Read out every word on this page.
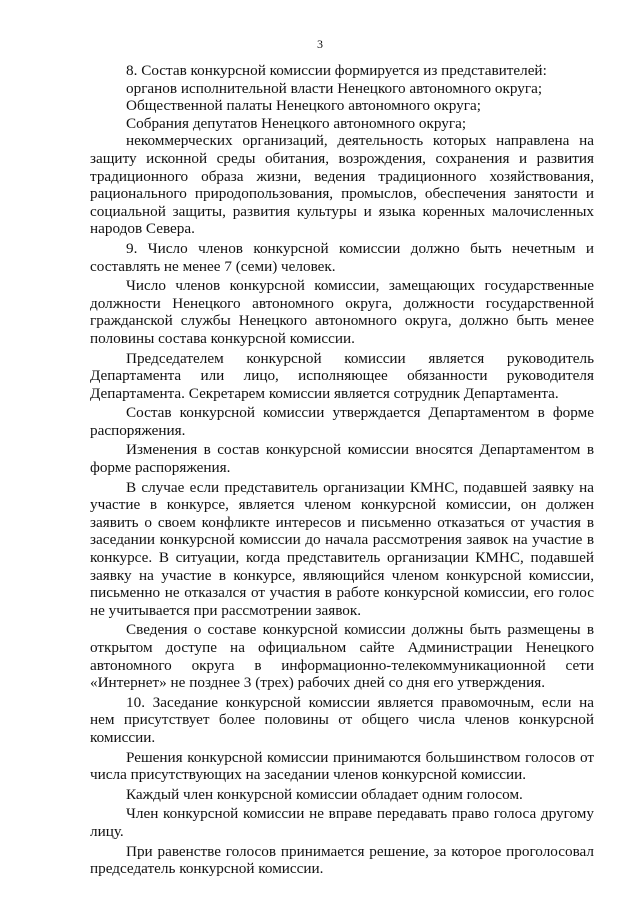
3

8. Состав конкурсной комиссии формируется из представителей:

органов исполнительной власти Ненецкого автономного округа;

Общественной палаты Ненецкого автономного округа;

Собрания депутатов Ненецкого автономного округа;

некоммерческих организаций, деятельность которых направлена на защиту исконной среды обитания, возрождения, сохранения и развития традиционного образа жизни, ведения традиционного хозяйствования, рационального природопользования, промыслов, обеспечения занятости и социальной защиты, развития культуры и языка коренных малочисленных народов Севера.

9. Число членов конкурсной комиссии должно быть нечетным и составлять не менее 7 (семи) человек.

Число членов конкурсной комиссии, замещающих государственные должности Ненецкого автономного округа, должности государственной гражданской службы Ненецкого автономного округа, должно быть менее половины состава конкурсной комиссии.

Председателем конкурсной комиссии является руководитель Департамента или лицо, исполняющее обязанности руководителя Департамента. Секретарем комиссии является сотрудник Департамента.

Состав конкурсной комиссии утверждается Департаментом в форме распоряжения.

Изменения в состав конкурсной комиссии вносятся Департаментом в форме распоряжения.

В случае если представитель организации КМНС, подавшей заявку на участие в конкурсе, является членом конкурсной комиссии, он должен заявить о своем конфликте интересов и письменно отказаться от участия в заседании конкурсной комиссии до начала рассмотрения заявок на участие в конкурсе. В ситуации, когда представитель организации КМНС, подавшей заявку на участие в конкурсе, являющийся членом конкурсной комиссии, письменно не отказался от участия в работе конкурсной комиссии, его голос не учитывается при рассмотрении заявок.

Сведения о составе конкурсной комиссии должны быть размещены в открытом доступе на официальном сайте Администрации Ненецкого автономного округа в информационно-телекоммуникационной сети «Интернет» не позднее 3 (трех) рабочих дней со дня его утверждения.

10. Заседание конкурсной комиссии является правомочным, если на нем присутствует более половины от общего числа членов конкурсной комиссии.

Решения конкурсной комиссии принимаются большинством голосов от числа присутствующих на заседании членов конкурсной комиссии.

Каждый член конкурсной комиссии обладает одним голосом.

Член конкурсной комиссии не вправе передавать право голоса другому лицу.

При равенстве голосов принимается решение, за которое проголосовал председатель конкурсной комиссии.
